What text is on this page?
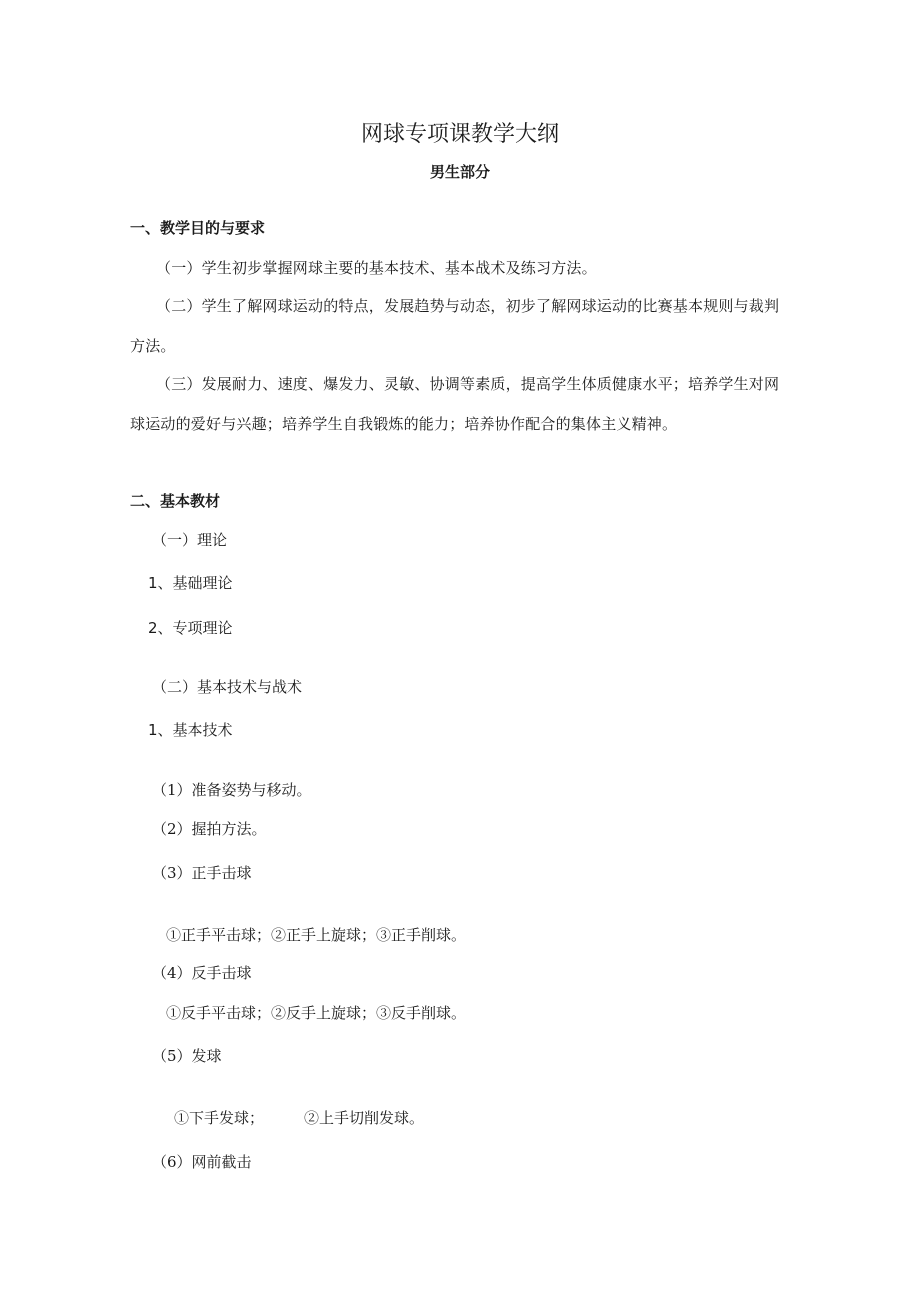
网球专项课教学大纲
男生部分
一、教学目的与要求
（一）学生初步掌握网球主要的基本技术、基本战术及练习方法。
（二）学生了解网球运动的特点，发展趋势与动态，初步了解网球运动的比赛基本规则与裁判方法。
（三）发展耐力、速度、爆发力、灵敏、协调等素质，提高学生体质健康水平；培养学生对网球运动的爱好与兴趣；培养学生自我锻炼的能力；培养协作配合的集体主义精神。
二、基本教材
（一）理论
1、基础理论
2、专项理论
（二）基本技术与战术
1、基本技术
（1）准备姿势与移动。
（2）握拍方法。
（3）正手击球
①正手平击球；②正手上旋球；③正手削球。
（4）反手击球
①反手平击球；②反手上旋球；③反手削球。
（5）发球
①下手发球；	②上手切削发球。
（6）网前截击
